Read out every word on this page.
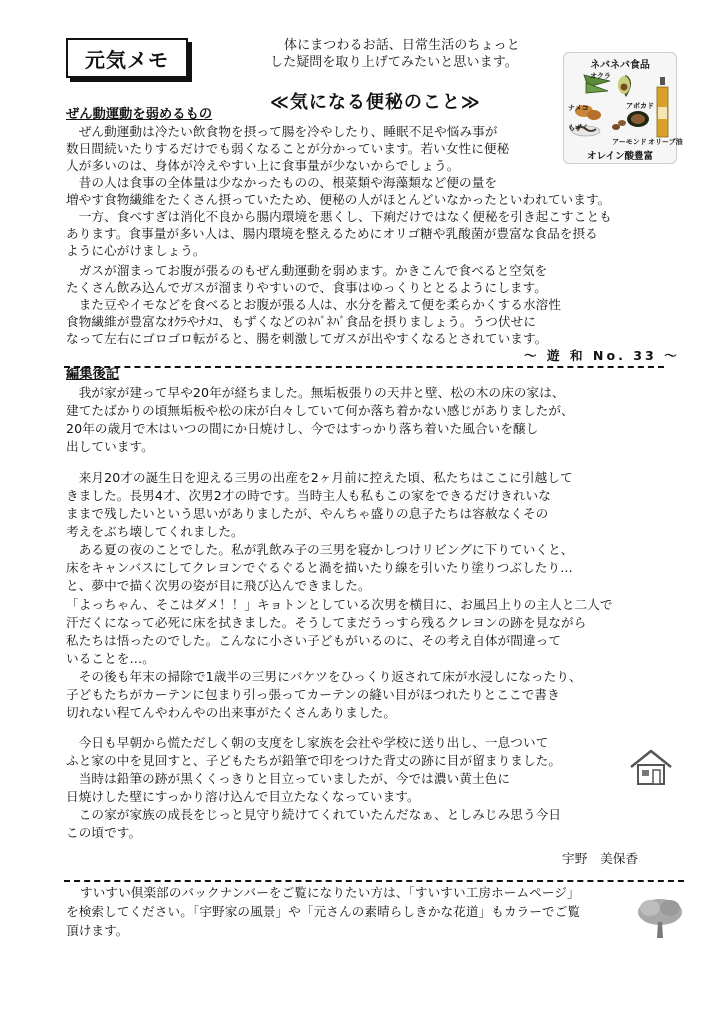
元気メモ
体にまつわるお話、日常生活のちょっと
した疑問を取り上げてみたいと思います。
≪気になる便秘のこと≫
ネバネバ食品
オクラ
ナメコ
もずく
アボカド
アーモンド オリーブ油
オレイン酸豊富
ぜん動運動を弱めるもの
　ぜん動運動は冷たい飲食物を摂って腸を冷やしたり、睡眠不足や悩み事が
数日間続いたりするだけでも弱くなることが分かっています。若い女性に便秘
人が多いのは、身体が冷えやすい上に食事量が少ないからでしょう。
　昔の人は食事の全体量は少なかったものの、根菜類や海藻類など便の量を
増やす食物繊維をたくさん摂っていたため、便秘の人がほとんどいなかったといわれています。
　一方、食べすぎは消化不良から腸内環境を悪くし、下痢だけではなく便秘を引き起こすことも
あります。食事量が多い人は、腸内環境を整えるためにオリゴ糖や乳酸菌が豊富な食品を摂る
ように心がけましょう。
　ガスが溜まってお腹が張るのもぜん動運動を弱めます。かきこんで食べると空気を
たくさん飲み込んでガスが溜まりやすいので、食事はゆっくりととるようにします。
　また豆やイモなどを食べるとお腹が張る人は、水分を蓄えて便を柔らかくする水溶性
食物繊維が豊富なｵｸﾗやﾅﾒｺ、もずくなどのﾈﾊﾞﾈﾊﾞ食品を摂りましょう。うつ伏せに
なって左右にゴロゴロ転がると、腸を刺激してガスが出やすくなるとされています。
～ 遊 和 No. 33 ～
編集後記
　我が家が建って早や20年が経ちました。無垢板張りの天井と壁、松の木の床の家は、
建てたばかりの頃無垢板や松の床が白々していて何か落ち着かない感じがありましたが、
20年の歳月で木はいつの間にか日焼けし、今ではすっかり落ち着いた風合いを醸し
出しています。
　来月20才の誕生日を迎える三男の出産を2ヶ月前に控えた頃、私たちはここに引越して
きました。長男4才、次男2才の時です。当時主人も私もこの家をできるだけきれいな
ままで残したいという思いがありましたが、やんちゃ盛りの息子たちは容赦なくその
考えをぶち壊してくれました。
　ある夏の夜のことでした。私が乳飲み子の三男を寝かしつけリビングに下りていくと、
床をキャンバスにしてクレヨンでぐるぐると渦を描いたり線を引いたり塗りつぶしたり…
と、夢中で描く次男の姿が目に飛び込んできました。
「よっちゃん、そこはダメ！！」キョトンとしている次男を横目に、お風呂上りの主人と二人で
汗だくになって必死に床を拭きました。そうしてまだうっすら残るクレヨンの跡を見ながら
私たちは悟ったのでした。こんなに小さい子どもがいるのに、その考え自体が間違って
いることを…。
　その後も年末の掃除で1歳半の三男にバケツをひっくり返されて床が水浸しになったり、
子どもたちがカーテンに包まり引っ張ってカーテンの縫い目がほつれたりとここで書き
切れない程てんやわんやの出来事がたくさんありました。
　今日も早朝から慌ただしく朝の支度をし家族を会社や学校に送り出し、一息ついて
ふと家の中を見回すと、子どもたちが鉛筆で印をつけた背丈の跡に目が留まりました。
　当時は鉛筆の跡が黒くくっきりと目立っていましたが、今では濃い黄土色に
日焼けした壁にすっかり溶け込んで目立たなくなっています。
　この家が家族の成長をじっと見守り続けてくれていたんだなぁ、としみじみ思う今日
この頃です。
宇野　美保香
すいすい倶楽部のバックナンバーをご覧になりたい方は、「すいすい工房ホームページ」
を検索してください。「宇野家の風景」や「元さんの素晴らしきかな花道」もカラーでご覧
頂けます。
